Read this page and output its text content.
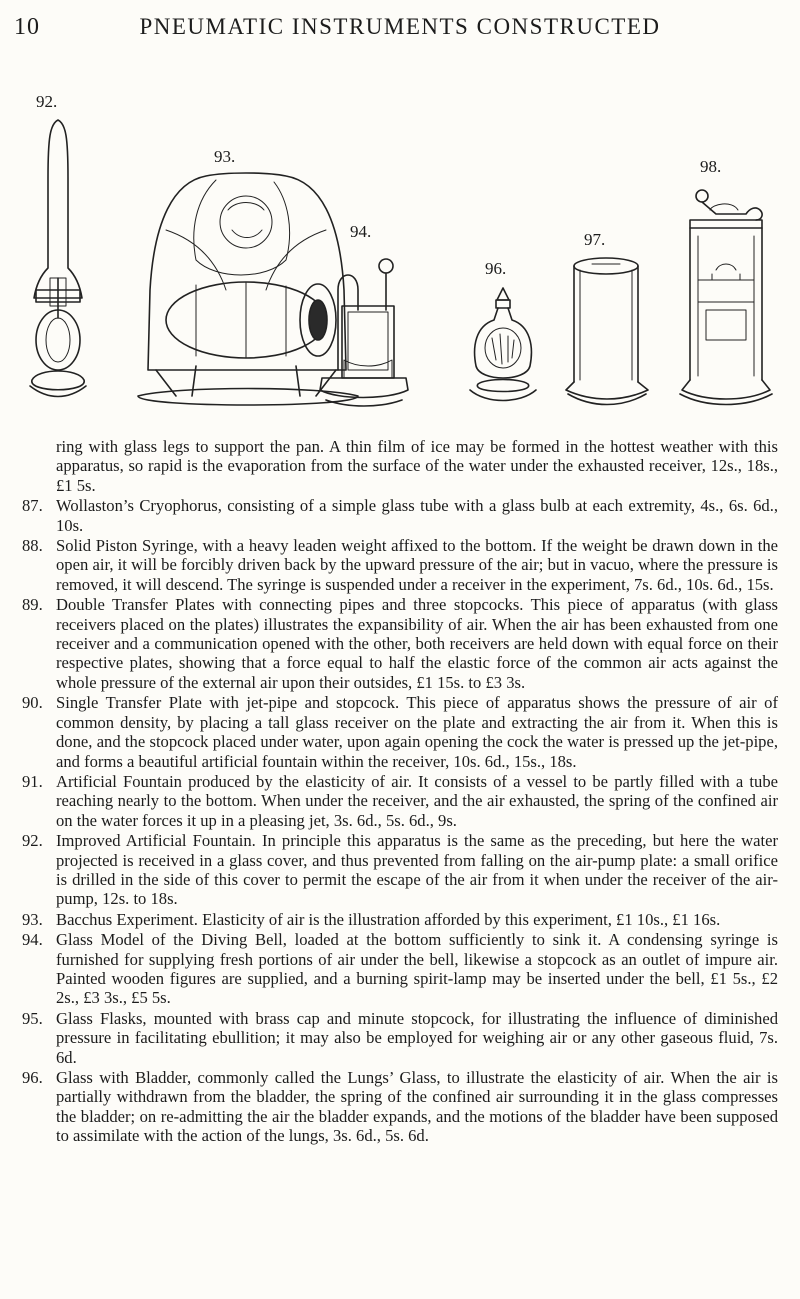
10	PNEUMATIC INSTRUMENTS CONSTRUCTED
92.
93.
94.
96.
97.
98.

ring with glass legs to support the pan. A thin film of ice may be formed in the hottest weather with this apparatus, so rapid is the evaporation from the surface of the water under the exhausted receiver, 12s., 18s., £1 5s.

87. Wollaston’s Cryophorus, consisting of a simple glass tube with a glass bulb at each extremity, 4s., 6s. 6d., 10s.
88. Solid Piston Syringe, with a heavy leaden weight affixed to the bottom. If the weight be drawn down in the open air, it will be forcibly driven back by the upward pressure of the air; but in vacuo, where the pressure is removed, it will descend. The syringe is suspended under a receiver in the experiment, 7s. 6d., 10s. 6d., 15s.
89. Double Transfer Plates with connecting pipes and three stopcocks. This piece of apparatus (with glass receivers placed on the plates) illustrates the expansibility of air. When the air has been exhausted from one receiver and a communication opened with the other, both receivers are held down with equal force on their respective plates, showing that a force equal to half the elastic force of the common air acts against the whole pressure of the external air upon their outsides, £1 15s. to £3 3s.
90. Single Transfer Plate with jet-pipe and stopcock. This piece of apparatus shows the pressure of air of common density, by placing a tall glass receiver on the plate and extracting the air from it. When this is done, and the stopcock placed under water, upon again opening the cock the water is pressed up the jet-pipe, and forms a beautiful artificial fountain within the receiver, 10s. 6d., 15s., 18s.
91. Artificial Fountain produced by the elasticity of air. It consists of a vessel to be partly filled with a tube reaching nearly to the bottom. When under the receiver, and the air exhausted, the spring of the confined air on the water forces it up in a pleasing jet, 3s. 6d., 5s. 6d., 9s.
92. Improved Artificial Fountain. In principle this apparatus is the same as the preceding, but here the water projected is received in a glass cover, and thus prevented from falling on the air-pump plate: a small orifice is drilled in the side of this cover to permit the escape of the air from it when under the receiver of the air-pump, 12s. to 18s.
93. Bacchus Experiment. Elasticity of air is the illustration afforded by this experiment, £1 10s., £1 16s.
94. Glass Model of the Diving Bell, loaded at the bottom sufficiently to sink it. A condensing syringe is furnished for supplying fresh portions of air under the bell, likewise a stopcock as an outlet of impure air. Painted wooden figures are supplied, and a burning spirit-lamp may be inserted under the bell, £1 5s., £2 2s., £3 3s., £5 5s.
95. Glass Flasks, mounted with brass cap and minute stopcock, for illustrating the influence of diminished pressure in facilitating ebullition; it may also be employed for weighing air or any other gaseous fluid, 7s. 6d.
96. Glass with Bladder, commonly called the Lungs’ Glass, to illustrate the elasticity of air. When the air is partially withdrawn from the bladder, the spring of the confined air surrounding it in the glass compresses the bladder; on re-admitting the air the bladder expands, and the motions of the bladder have been supposed to assimilate with the action of the lungs, 3s. 6d., 5s. 6d.
